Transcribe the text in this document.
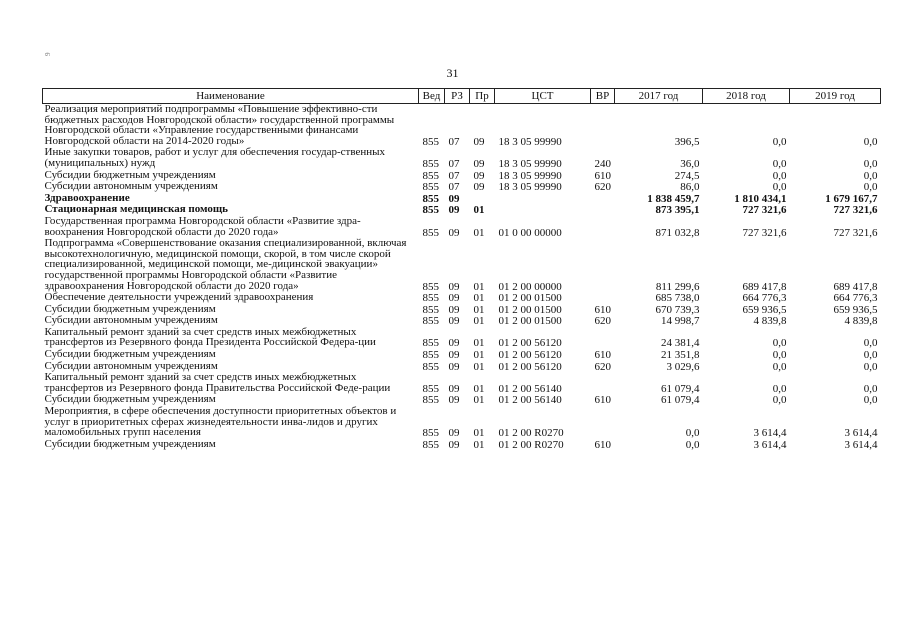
31
9
Наименование	Вед	РЗ	Пр	ЦСТ	ВР	2017 год	2018 год	2019 год
Реализация мероприятий подпрограммы «Повышение эффективно-сти бюджетных расходов Новгородской области» государственной программы Новгородской области «Управление государственными финансами Новгородской области на 2014-2020 годы»	855	07	09	18 3 05 99990		396,5	0,0	0,0
Иные закупки товаров, работ и услуг для обеспечения государ-ственных (муниципальных) нужд	855	07	09	18 3 05 99990	240	36,0	0,0	0,0
Субсидии бюджетным учреждениям	855	07	09	18 3 05 99990	610	274,5	0,0	0,0
Субсидии автономным учреждениям	855	07	09	18 3 05 99990	620	86,0	0,0	0,0
Здравоохранение	855	09				1 838 459,7	1 810 434,1	1 679 167,7
Стационарная медицинская помощь	855	09	01			873 395,1	727 321,6	727 321,6
Государственная программа Новгородской области «Развитие здра-воохранения Новгородской области до 2020 года»	855	09	01	01 0 00 00000		871 032,8	727 321,6	727 321,6
Подпрограмма «Совершенствование оказания специализированной, включая высокотехнологичную, медицинской помощи, скорой, в том числе скорой специализированной, медицинской помощи, ме-дицинской эвакуации» государственной программы Новгородской области «Развитие здравоохранения Новгородской области до 2020 года»	855	09	01	01 2 00 00000		811 299,6	689 417,8	689 417,8
Обеспечение деятельности учреждений здравоохранения	855	09	01	01 2 00 01500		685 738,0	664 776,3	664 776,3
Субсидии бюджетным учреждениям	855	09	01	01 2 00 01500	610	670 739,3	659 936,5	659 936,5
Субсидии автономным учреждениям	855	09	01	01 2 00 01500	620	14 998,7	4 839,8	4 839,8
Капитальный ремонт зданий за счет средств иных межбюджетных трансфертов из Резервного фонда Президента Российской Федера-ции	855	09	01	01 2 00 56120		24 381,4	0,0	0,0
Субсидии бюджетным учреждениям	855	09	01	01 2 00 56120	610	21 351,8	0,0	0,0
Субсидии автономным учреждениям	855	09	01	01 2 00 56120	620	3 029,6	0,0	0,0
Капитальный ремонт зданий за счет средств иных межбюджетных трансфертов из Резервного фонда Правительства Российской Феде-рации	855	09	01	01 2 00 56140		61 079,4	0,0	0,0
Субсидии бюджетным учреждениям	855	09	01	01 2 00 56140	610	61 079,4	0,0	0,0
Мероприятия, в сфере обеспечения доступности приоритетных объектов и услуг в приоритетных сферах жизнедеятельности инва-лидов и других маломобильных групп населения	855	09	01	01 2 00 R0270		0,0	3 614,4	3 614,4
Субсидии бюджетным учреждениям	855	09	01	01 2 00 R0270	610	0,0	3 614,4	3 614,4
